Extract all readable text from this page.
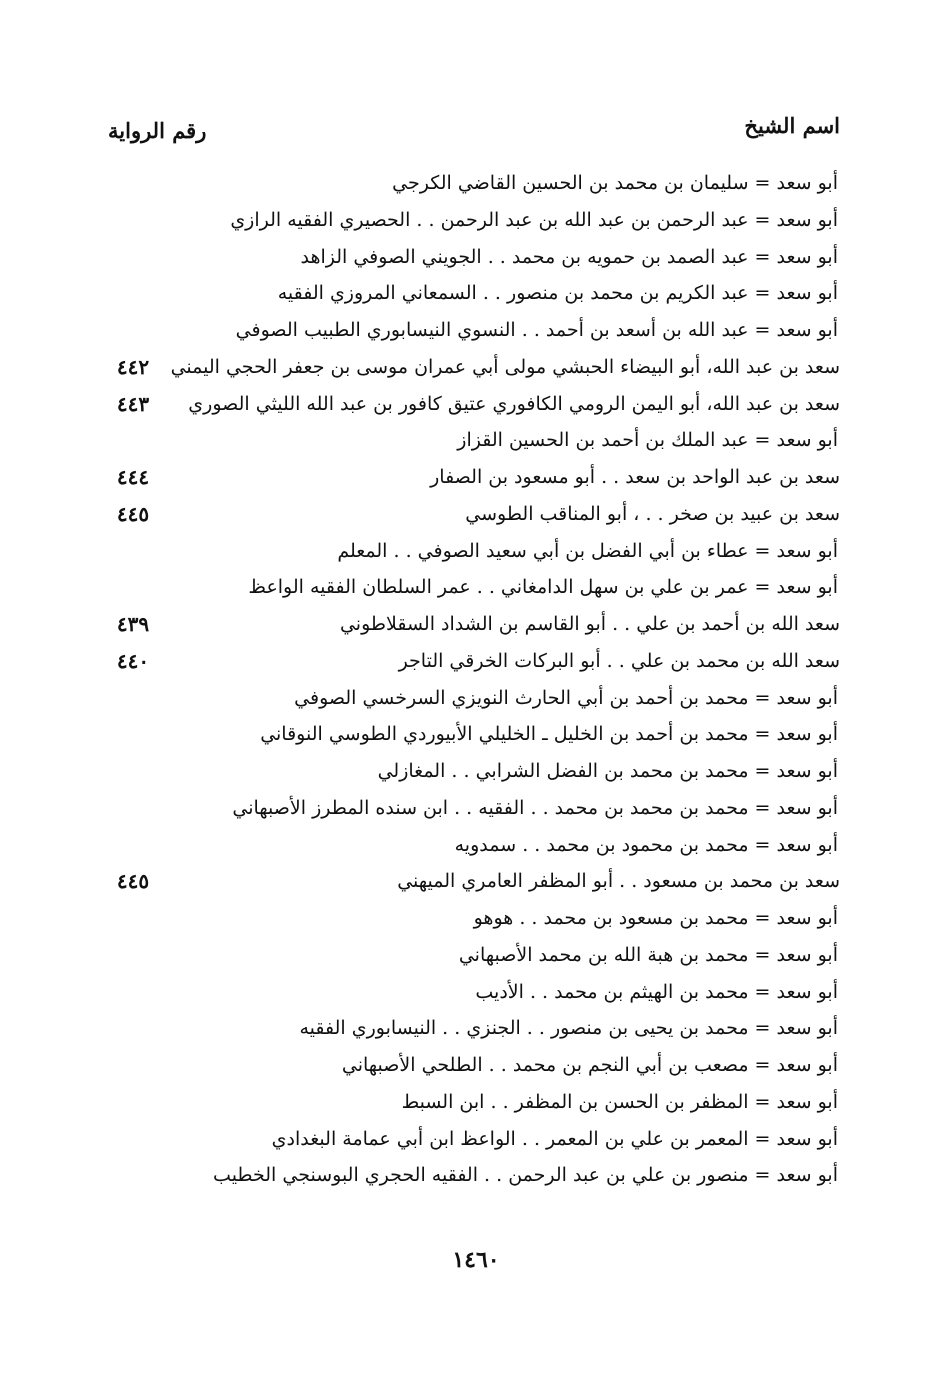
اسم الشيخ
رقم الرواية
أبو سعد = سليمان بن محمد بن الحسين القاضي الكرجي
أبو سعد = عبد الرحمن بن عبد الله بن عبد الرحمن . . الحصيري الفقيه الرازي
أبو سعد = عبد الصمد بن حمويه بن محمد . . الجويني الصوفي الزاهد
أبو سعد = عبد الكريم بن محمد بن منصور . . السمعاني المروزي الفقيه
أبو سعد = عبد الله بن أسعد بن أحمد . . النسوي النيسابوري الطبيب الصوفي
سعد بن عبد الله، أبو البيضاء الحبشي مولى أبي عمران موسى بن جعفر الحجي اليمني
٤٤٢
سعد بن عبد الله، أبو اليمن الرومي الكافوري عتيق كافور بن عبد الله الليثي الصوري
٤٤٣
أبو سعد = عبد الملك بن أحمد بن الحسين القزاز
سعد بن عبد الواحد بن سعد . . أبو مسعود بن الصفار
٤٤٤
سعد بن عبيد بن صخر . . ، أبو المناقب الطوسي
٤٤٥
أبو سعد = عطاء بن أبي الفضل بن أبي سعيد الصوفي . . المعلم
أبو سعد = عمر بن علي بن سهل الدامغاني . . عمر السلطان الفقيه الواعظ
سعد الله بن أحمد بن علي . . أبو القاسم بن الشداد السقلاطوني
٤٣٩
سعد الله بن محمد بن علي . . أبو البركات الخرقي التاجر
٤٤٠
أبو سعد = محمد بن أحمد بن أبي الحارث النويزي السرخسي الصوفي
أبو سعد = محمد بن أحمد بن الخليل ـ الخليلي الأبيوردي الطوسي النوقاني
أبو سعد = محمد بن محمد بن الفضل الشرابي . . المغازلي
أبو سعد = محمد بن محمد بن محمد . . الفقيه . . ابن سنده المطرز الأصبهاني
أبو سعد = محمد بن محمود بن محمد . . سمدويه
سعد بن محمد بن مسعود . . أبو المظفر العامري الميهني
٤٤٥
أبو سعد = محمد بن مسعود بن محمد . . هوهو
أبو سعد = محمد بن هبة الله بن محمد الأصبهاني
أبو سعد = محمد بن الهيثم بن محمد . . الأديب
أبو سعد = محمد بن يحيى بن منصور . . الجنزي . . النيسابوري الفقيه
أبو سعد = مصعب بن أبي النجم بن محمد . . الطلحي الأصبهاني
أبو سعد = المظفر بن الحسن بن المظفر . . ابن السبط
أبو سعد = المعمر بن علي بن المعمر . . الواعظ ابن أبي عمامة البغدادي
أبو سعد = منصور بن علي بن عبد الرحمن . . الفقيه الحجري البوسنجي الخطيب
١٤٦٠
